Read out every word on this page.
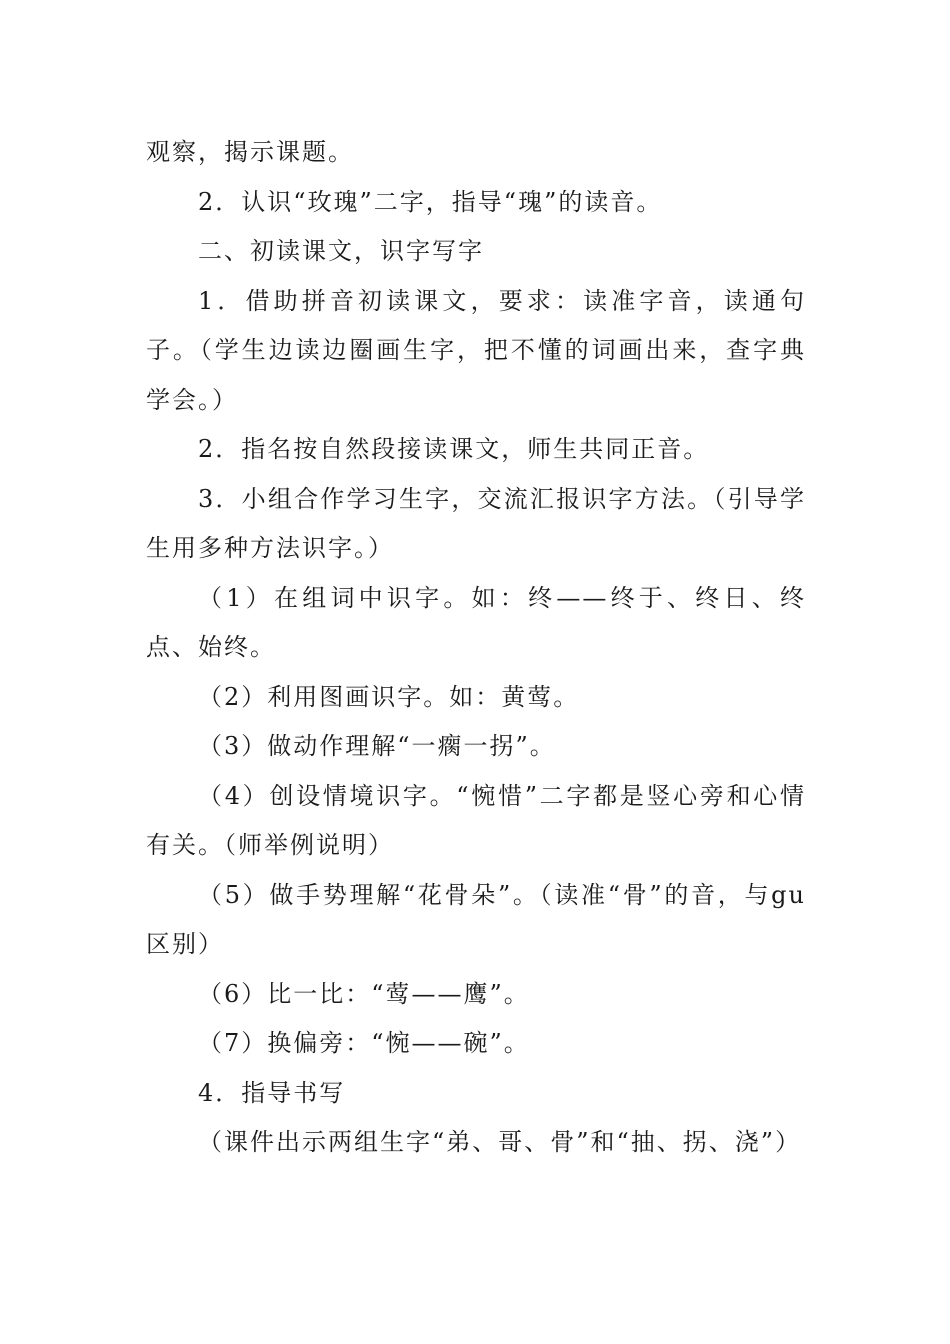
观察，揭示课题。

2．认识“玫瑰”二字，指导“瑰”的读音。

二、初读课文，识字写字

1．借助拼音初读课文，要求：读准字音，读通句子。（学生边读边圈画生字，把不懂的词画出来，查字典学会。）

2．指名按自然段接读课文，师生共同正音。

3．小组合作学习生字，交流汇报识字方法。（引导学生用多种方法识字。）

（1）在组词中识字。如：终——终于、终日、终点、始终。

（2）利用图画识字。如：黄莺。

（3）做动作理解“一瘸一拐”。

（4）创设情境识字。“惋惜”二字都是竖心旁和心情有关。（师举例说明）

（5）做手势理解“花骨朵”。（读准“骨”的音，与gu区别）

（6）比一比：“莺——鹰”。

（7）换偏旁：“惋——碗”。

4．指导书写

（课件出示两组生字“弟、哥、骨”和“抽、拐、浇”）
